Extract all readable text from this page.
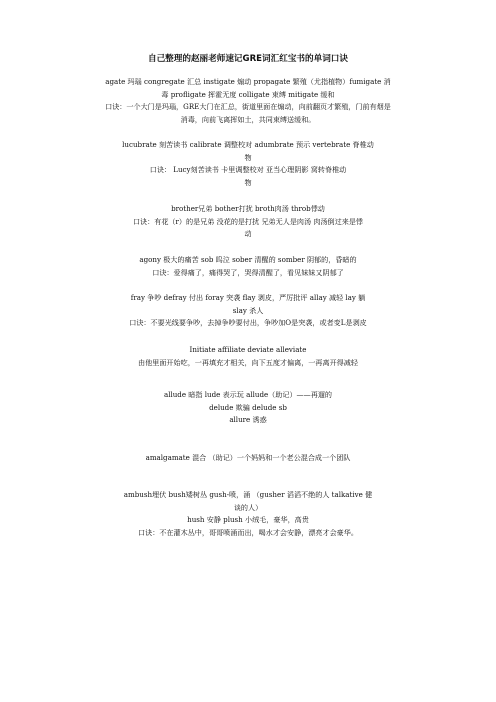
自己整理的赵丽老师速记GRE词汇红宝书的单词口诀
agate 玛瑙 congregate 汇总 instigate 煽动 propagate 繁殖（尤指植物）fumigate 消
毒 profligate 挥霍无度 colligate 束缚 mitigate 缓和
口诀：一个大门是玛瑙，GRE大门在汇总，街道里面在煽动，向前翻页才繁殖，门前有烟是
消毒，向前飞离挥如土，共同束缚送缓和。
lucubrate 刻苦读书 calibrate 调整校对 adumbrate 预示 vertebrate 脊椎动
物
口诀： Lucy刻苦读书 卡里调整校对 亚当心理阴影 窝转脊椎动
物
brother兄弟 bother打扰 broth肉汤 throb悸动
口诀：有花（r）的是兄弟 没花的是打扰 兄弟无人是肉汤 肉汤倒过来是悸
动
agony 极大的痛苦 sob 呜泣 sober 清醒的 somber 阴郁的，昏暗的
口诀：爱得痛了，痛得哭了，哭得清醒了，看见妹妹又阴郁了
fray 争吵 defray 付出 foray 突袭 flay 剥皮，严厉批评 allay 减轻 lay 躺
slay 杀人
口诀：不要光线要争吵，去掉争吵要付出，争吵加O是突袭，或者变L是剥皮
Initiate affiliate deviate alleviate
由他里面开始吃，一再填充才相关，向下五度才偏离，一再离开得减轻
allude 暗指 lude 表示玩 allude（助记）——再遛的
delude 欺骗 delude sb
allure 诱惑
amalgamate 混合 （助记）一个妈妈和一个老公混合成一个团队
ambush埋伏 bush矮树丛 gush-喷，涌 （gusher 滔滔不绝的人 talkative 健
谈的人）
hush 安静 plush 小绒毛，豪华，高贵
口诀：不在灌木丛中，哥哥喷涌而出，喝水才会安静，漂亮才会豪华。
